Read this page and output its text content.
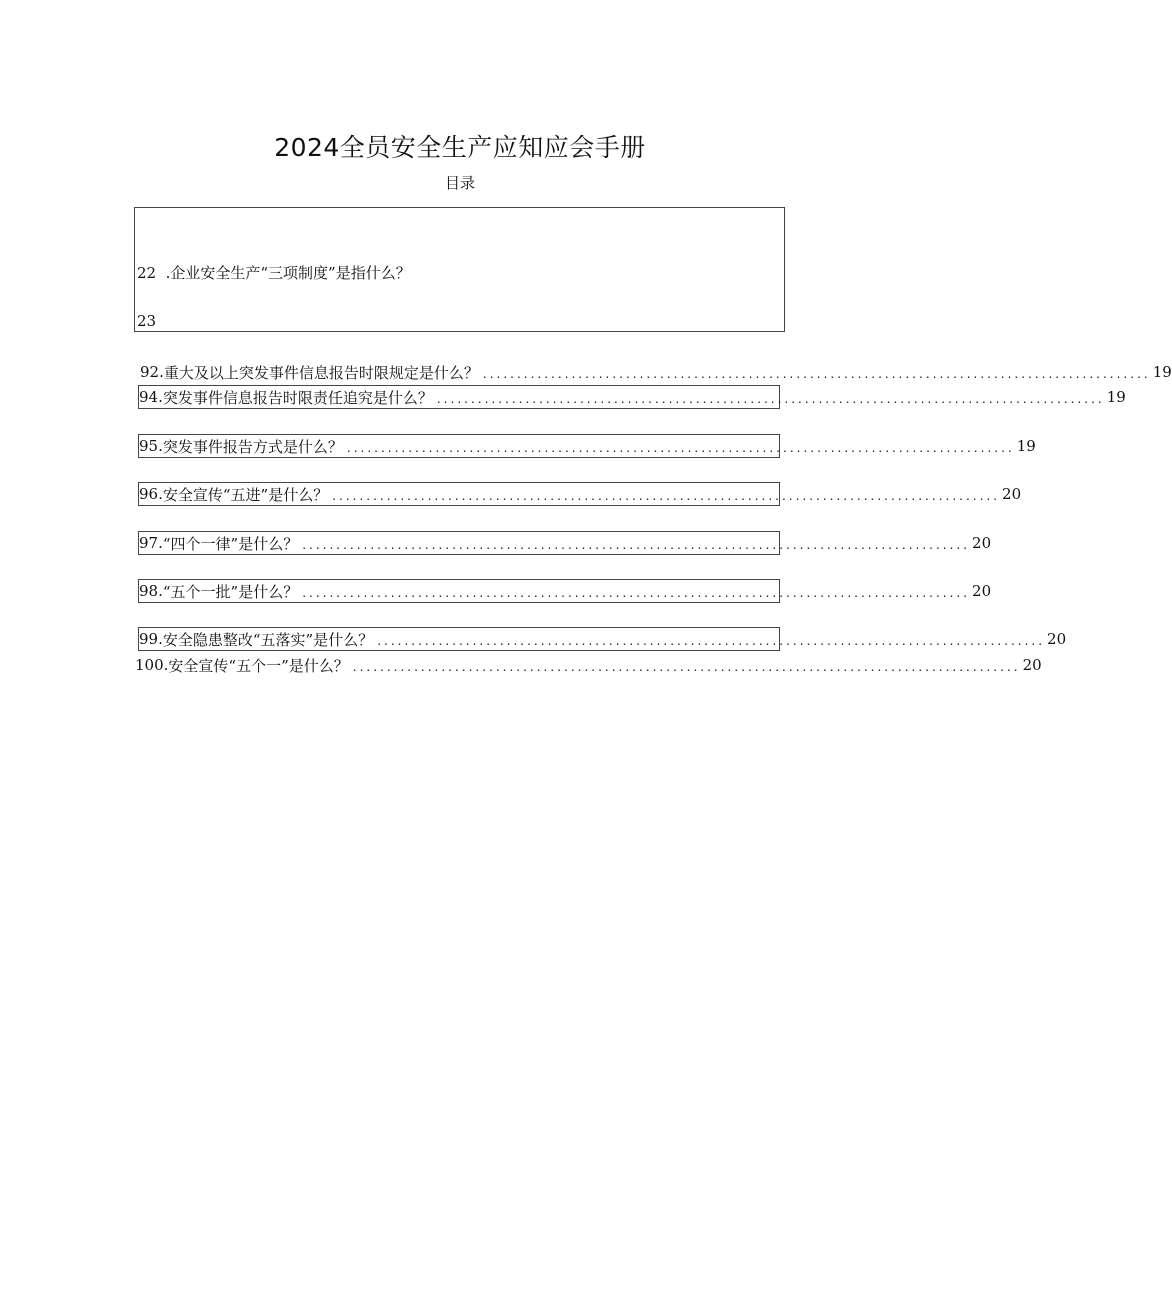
2024全员安全生产应知应会手册
目录
22  .企业安全生产“三项制度”是指什么？
23
92. 重大及以上突发事件信息报告时限规定是什么？ .................................................................................................. 19
94. 突发事件信息报告时限责任追究是什么？ .................................................................................................. 19
95. 突发事件报告方式是什么？ .................................................................................................. 19
96. 安全宣传“五进”是什么？ .................................................................................................. 20
97. “四个一律”是什么？ .................................................................................................. 20
98. “五个一批”是什么？ .................................................................................................. 20
99. 安全隐患整改“五落实”是什么？ .................................................................................................. 20
100. 安全宣传“五个一”是什么？ .................................................................................................. 20
